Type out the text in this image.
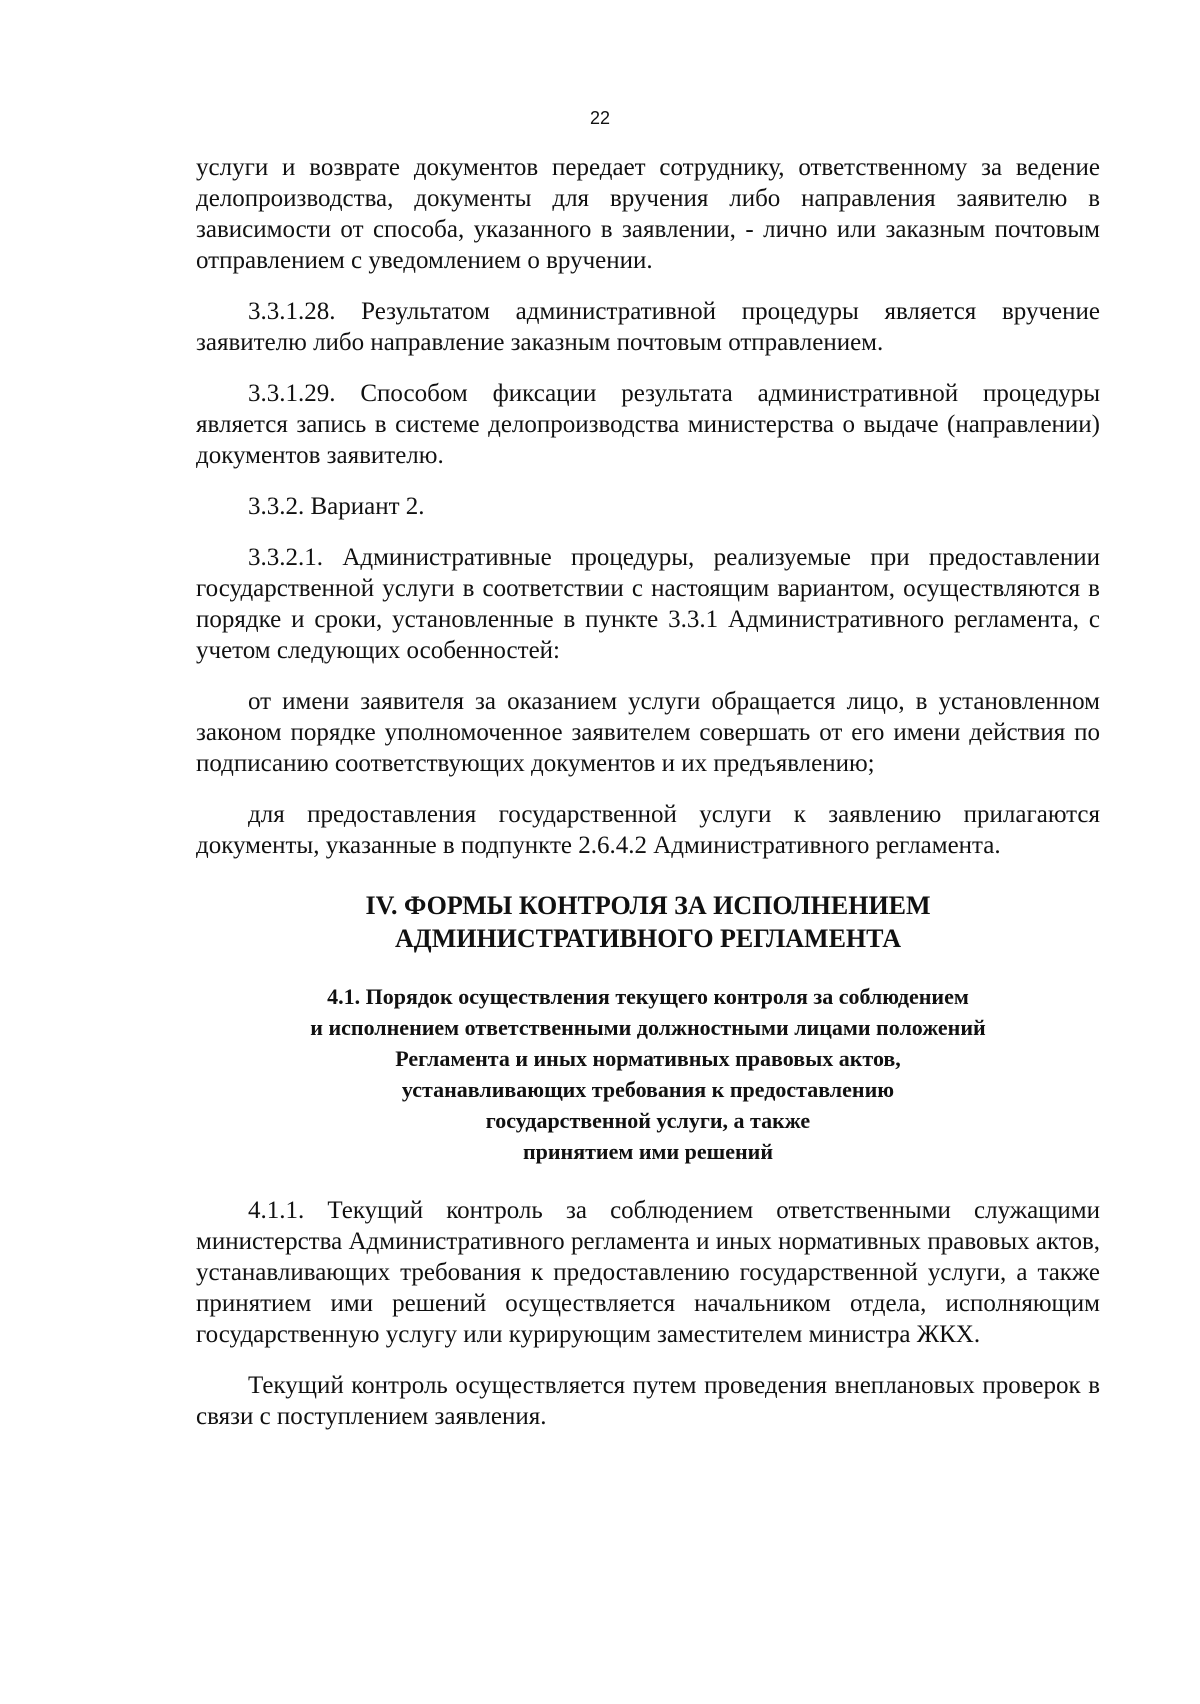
22

услуги и возврате документов передает сотруднику, ответственному за ведение делопроизводства, документы для вручения либо направления заявителю в зависимости от способа, указанного в заявлении, - лично или заказным почтовым отправлением с уведомлением о вручении.

3.3.1.28. Результатом административной процедуры является вручение заявителю либо направление заказным почтовым отправлением.

3.3.1.29. Способом фиксации результата административной процедуры является запись в системе делопроизводства министерства о выдаче (направлении) документов заявителю.

3.3.2. Вариант 2.

3.3.2.1. Административные процедуры, реализуемые при предоставлении государственной услуги в соответствии с настоящим вариантом, осуществляются в порядке и сроки, установленные в пункте 3.3.1 Административного регламента, с учетом следующих особенностей:

от имени заявителя за оказанием услуги обращается лицо, в установленном законом порядке уполномоченное заявителем совершать от его имени действия по подписанию соответствующих документов и их предъявлению;

для предоставления государственной услуги к заявлению прилагаются документы, указанные в подпункте 2.6.4.2 Административного регламента.

IV. ФОРМЫ КОНТРОЛЯ ЗА ИСПОЛНЕНИЕМ
АДМИНИСТРАТИВНОГО РЕГЛАМЕНТА
4.1. Порядок осуществления текущего контроля за соблюдением
и исполнением ответственными должностными лицами положений
Регламента и иных нормативных правовых актов,
устанавливающих требования к предоставлению
государственной услуги, а также
принятием ими решений

4.1.1. Текущий контроль за соблюдением ответственными служащими министерства Административного регламента и иных нормативных правовых актов, устанавливающих требования к предоставлению государственной услуги, а также принятием ими решений осуществляется начальником отдела, исполняющим государственную услугу или курирующим заместителем министра ЖКХ.

Текущий контроль осуществляется путем проведения внеплановых проверок в связи с поступлением заявления.
